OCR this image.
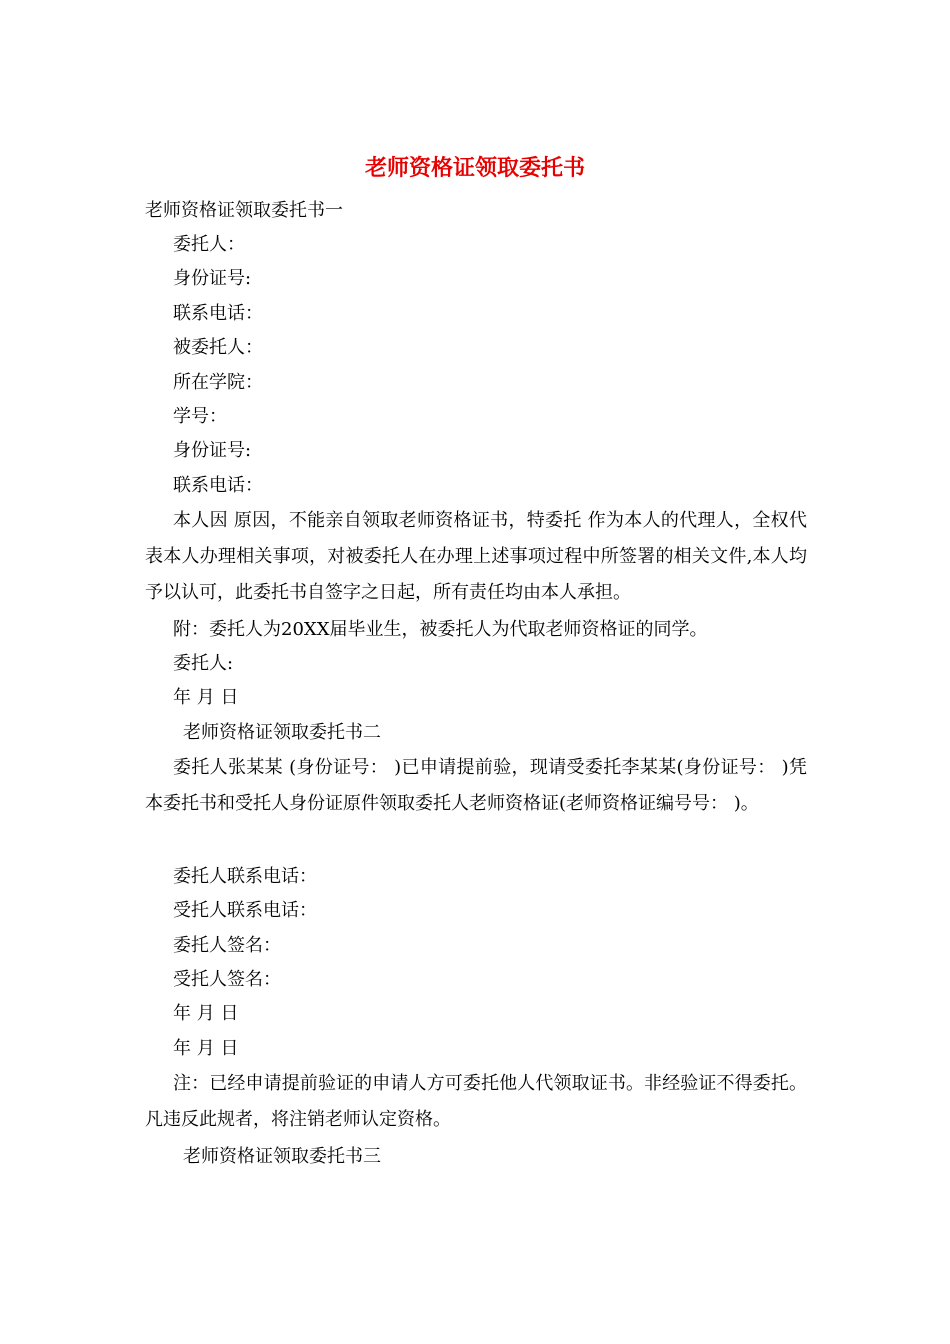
老师资格证领取委托书
老师资格证领取委托书一
委托人：
身份证号:
联系电话：
被委托人：
所在学院：
学号：
身份证号:
联系电话：
本人因 原因，不能亲自领取老师资格证书，特委托 作为本人的代理人，全权代表本人办理相关事项，对被委托人在办理上述事项过程中所签署的相关文件,本人均予以认可，此委托书自签字之日起，所有责任均由本人承担。
附：委托人为20XX届毕业生，被委托人为代取老师资格证的同学。
委托人:
年 月 日
老师资格证领取委托书二
委托人张某某 (身份证号： )已申请提前验，现请受委托李某某(身份证号： )凭本委托书和受托人身份证原件领取委托人老师资格证(老师资格证编号号： )。
委托人联系电话：
受托人联系电话：
委托人签名：
受托人签名：
年 月 日
年 月 日
注：已经申请提前验证的申请人方可委托他人代领取证书。非经验证不得委托。凡违反此规者，将注销老师认定资格。
老师资格证领取委托书三
